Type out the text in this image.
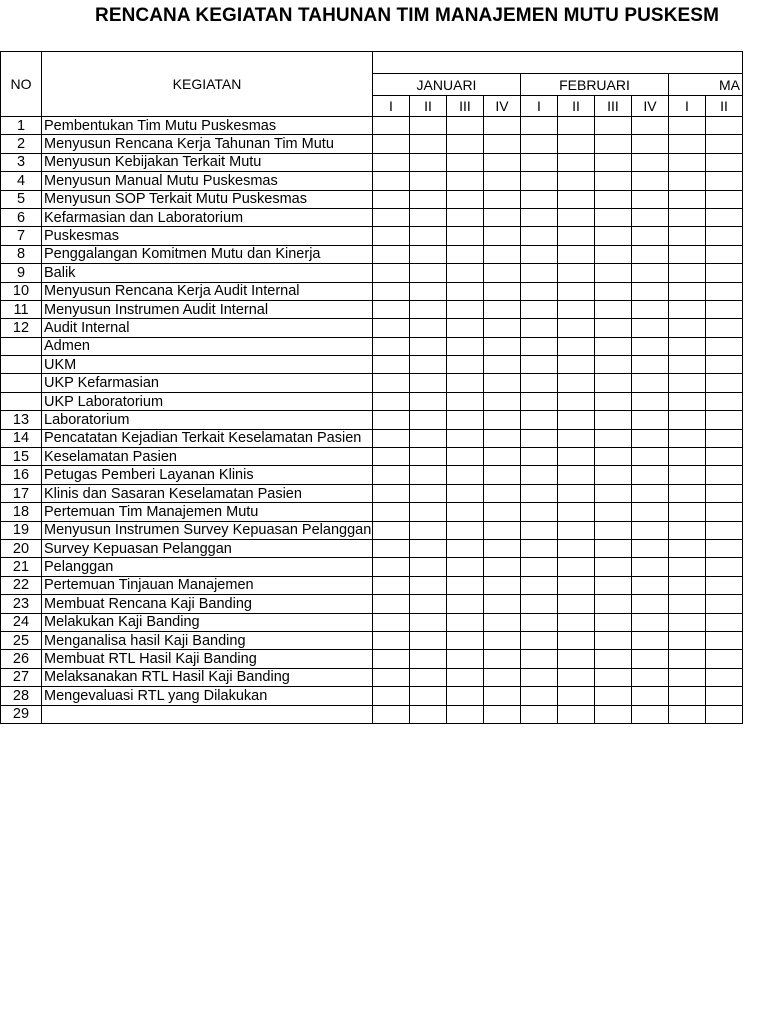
RENCANA KEGIATAN TAHUNAN TIM MANAJEMEN MUTU PUSKESM
NO	KEGIATAN										
		JANUARI				FEBRUARI				MA	
		I	II	III	IV	I	II	III	IV	I	II
1	Pembentukan Tim Mutu Puskesmas										
2	Menyusun Rencana Kerja Tahunan Tim Mutu										
3	Menyusun Kebijakan Terkait Mutu										
4	Menyusun Manual Mutu Puskesmas										
5	Menyusun SOP Terkait Mutu Puskesmas										
6	Kefarmasian dan Laboratorium										
7	Puskesmas										
8	Penggalangan Komitmen Mutu dan Kinerja										
9	Balik										
10	Menyusun Rencana Kerja Audit Internal										
11	Menyusun Instrumen Audit Internal										
12	Audit Internal										
	Admen										
	UKM										
	UKP Kefarmasian										
	UKP Laboratorium										
13	Laboratorium										
14	Pencatatan Kejadian Terkait Keselamatan Pasien										
15	Keselamatan Pasien										
16	Petugas Pemberi Layanan Klinis										
17	Klinis dan Sasaran Keselamatan Pasien										
18	Pertemuan Tim Manajemen Mutu										
19	Menyusun Instrumen Survey Kepuasan Pelanggan										
20	Survey Kepuasan Pelanggan										
21	Pelanggan										
22	Pertemuan Tinjauan Manajemen										
23	Membuat Rencana Kaji Banding										
24	Melakukan Kaji Banding										
25	Menganalisa hasil Kaji Banding										
26	Membuat RTL Hasil Kaji Banding										
27	Melaksanakan RTL Hasil Kaji Banding										
28	Mengevaluasi RTL yang Dilakukan										
29											
